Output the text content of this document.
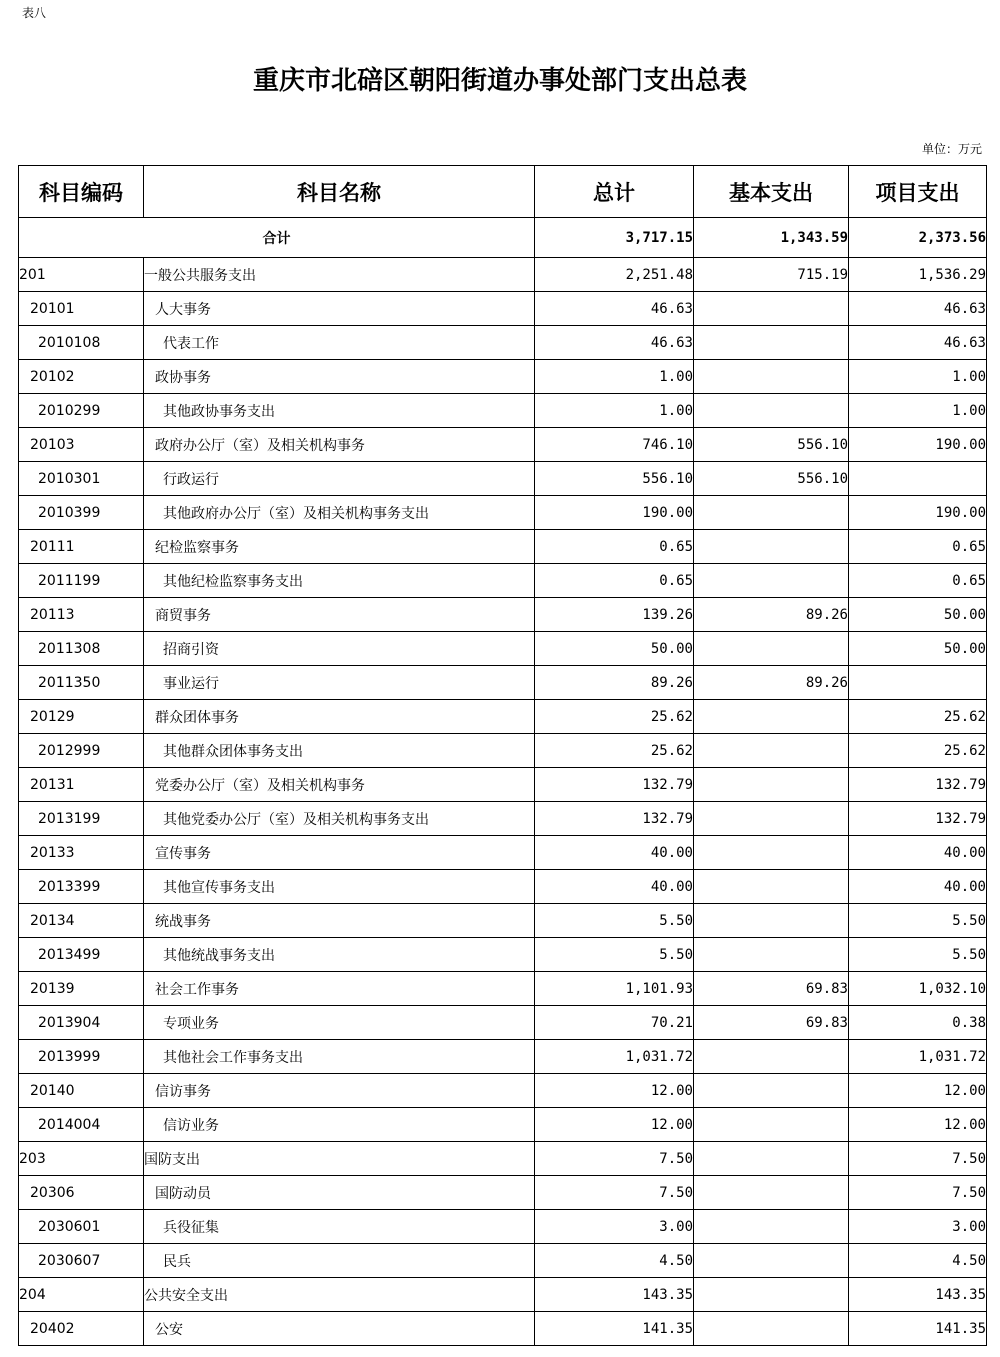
表八
重庆市北碚区朝阳街道办事处部门支出总表
单位：万元
科目编码	科目名称	总计	基本支出	项目支出
合计		3,717.15	1,343.59	2,373.56
201	一般公共服务支出	2,251.48	715.19	1,536.29
20101	人大事务	46.63		46.63
2010108	代表工作	46.63		46.63
20102	政协事务	1.00		1.00
2010299	其他政协事务支出	1.00		1.00
20103	政府办公厅（室）及相关机构事务	746.10	556.10	190.00
2010301	行政运行	556.10	556.10	
2010399	其他政府办公厅（室）及相关机构事务支出	190.00		190.00
20111	纪检监察事务	0.65		0.65
2011199	其他纪检监察事务支出	0.65		0.65
20113	商贸事务	139.26	89.26	50.00
2011308	招商引资	50.00		50.00
2011350	事业运行	89.26	89.26	
20129	群众团体事务	25.62		25.62
2012999	其他群众团体事务支出	25.62		25.62
20131	党委办公厅（室）及相关机构事务	132.79		132.79
2013199	其他党委办公厅（室）及相关机构事务支出	132.79		132.79
20133	宣传事务	40.00		40.00
2013399	其他宣传事务支出	40.00		40.00
20134	统战事务	5.50		5.50
2013499	其他统战事务支出	5.50		5.50
20139	社会工作事务	1,101.93	69.83	1,032.10
2013904	专项业务	70.21	69.83	0.38
2013999	其他社会工作事务支出	1,031.72		1,031.72
20140	信访事务	12.00		12.00
2014004	信访业务	12.00		12.00
203	国防支出	7.50		7.50
20306	国防动员	7.50		7.50
2030601	兵役征集	3.00		3.00
2030607	民兵	4.50		4.50
204	公共安全支出	143.35		143.35
20402	公安	141.35		141.35
